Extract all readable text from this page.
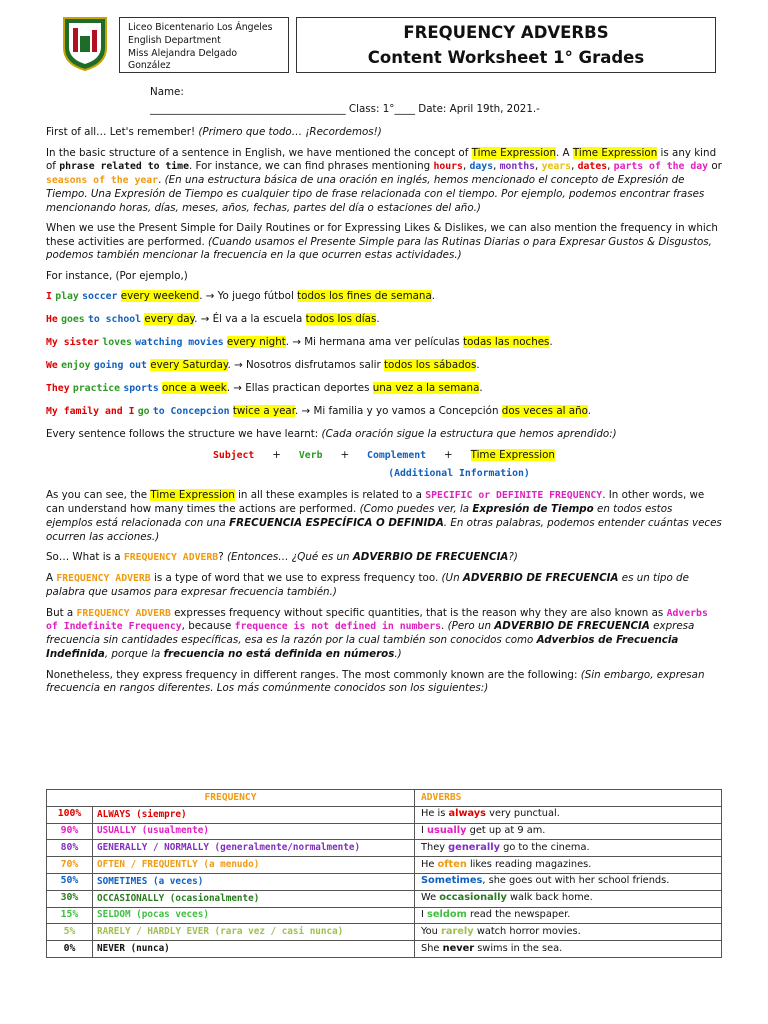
Liceo Bicentenario Los Ángeles
English Department
Miss Alejandra Delgado González
FREQUENCY ADVERBS
Content Worksheet 1° Grades
Name:
______________________________________ Class: 1°____ Date: April 19th, 2021.-

First of all… Let's remember! (Primero que todo… ¡Recordemos!)

In the basic structure of a sentence in English, we have mentioned the concept of Time Expression. A Time Expression is any kind of phrase related to time. For instance, we can find phrases mentioning hours, days, months, years, dates, parts of the day or seasons of the year. (En una estructura básica de una oración en inglés, hemos mencionado el concepto de Expresión de Tiempo. Una Expresión de Tiempo es cualquier tipo de frase relacionada con el tiempo. Por ejemplo, podemos encontrar frases mencionando horas, días, meses, años, fechas, partes del día o estaciones del año.)

When we use the Present Simple for Daily Routines or for Expressing Likes & Dislikes, we can also mention the frequency in which these activities are performed. (Cuando usamos el Presente Simple para las Rutinas Diarias o para Expresar Gustos & Disgustos, podemos también mencionar la frecuencia en la que ocurren estas actividades.)

For instance, (Por ejemplo,)

I play soccer every weekend. → Yo juego fútbol todos los fines de semana.

He goes to school every day. → Él va a la escuela todos los días.

My sister loves watching movies every night. → Mi hermana ama ver películas todas las noches.

We enjoy going out every Saturday. → Nosotros disfrutamos salir todos los sábados.

They practice sports once a week. → Ellas practican deportes una vez a la semana.

My family and I go to Concepcion twice a year. → Mi familia y yo vamos a Concepción dos veces al año.

Every sentence follows the structure we have learnt: (Cada oración sigue la estructura que hemos aprendido:)

Subject + Verb + Complement + Time Expression
(Additional Information)

As you can see, the Time Expression in all these examples is related to a SPECIFIC or DEFINITE FREQUENCY. In other words, we can understand how many times the actions are performed. (Como puedes ver, la Expresión de Tiempo en todos estos ejemplos está relacionada con una FRECUENCIA ESPECÍFICA O DEFINIDA. En otras palabras, podemos entender cuántas veces ocurren las acciones.)

So… What is a FREQUENCY ADVERB? (Entonces… ¿Qué es un ADVERBIO DE FRECUENCIA?)

A FREQUENCY ADVERB is a type of word that we use to express frequency too. (Un ADVERBIO DE FRECUENCIA es un tipo de palabra que usamos para expresar frecuencia también.)

But a FREQUENCY ADVERB expresses frequency without specific quantities, that is the reason why they are also known as Adverbs of Indefinite Frequency, because frequence is not defined in numbers. (Pero un ADVERBIO DE FRECUENCIA expresa frecuencia sin cantidades específicas, esa es la razón por la cual también son conocidos como Adverbios de Frecuencia Indefinida, porque la frecuencia no está definida en números.)

Nonetheless, they express frequency in different ranges. The most commonly known are the following: (Sin embargo, expresan frecuencia en rangos diferentes. Los más comúnmente conocidos son los siguientes:)

FREQUENCY		ADVERBS
100%	ALWAYS (siempre)	He is always very punctual.
90%	USUALLY (usualmente)	I usually get up at 9 am.
80%	GENERALLY / NORMALLY (generalmente/normalmente)	They generally go to the cinema.
70%	OFTEN / FREQUENTLY (a menudo)	He often likes reading magazines.
50%	SOMETIMES (a veces)	Sometimes, she goes out with her school friends.
30%	OCCASIONALLY (ocasionalmente)	We occasionally walk back home.
15%	SELDOM (pocas veces)	I seldom read the newspaper.
5%	RARELY / HARDLY EVER (rara vez / casi nunca)	You rarely watch horror movies.
0%	NEVER (nunca)	She never swims in the sea.
